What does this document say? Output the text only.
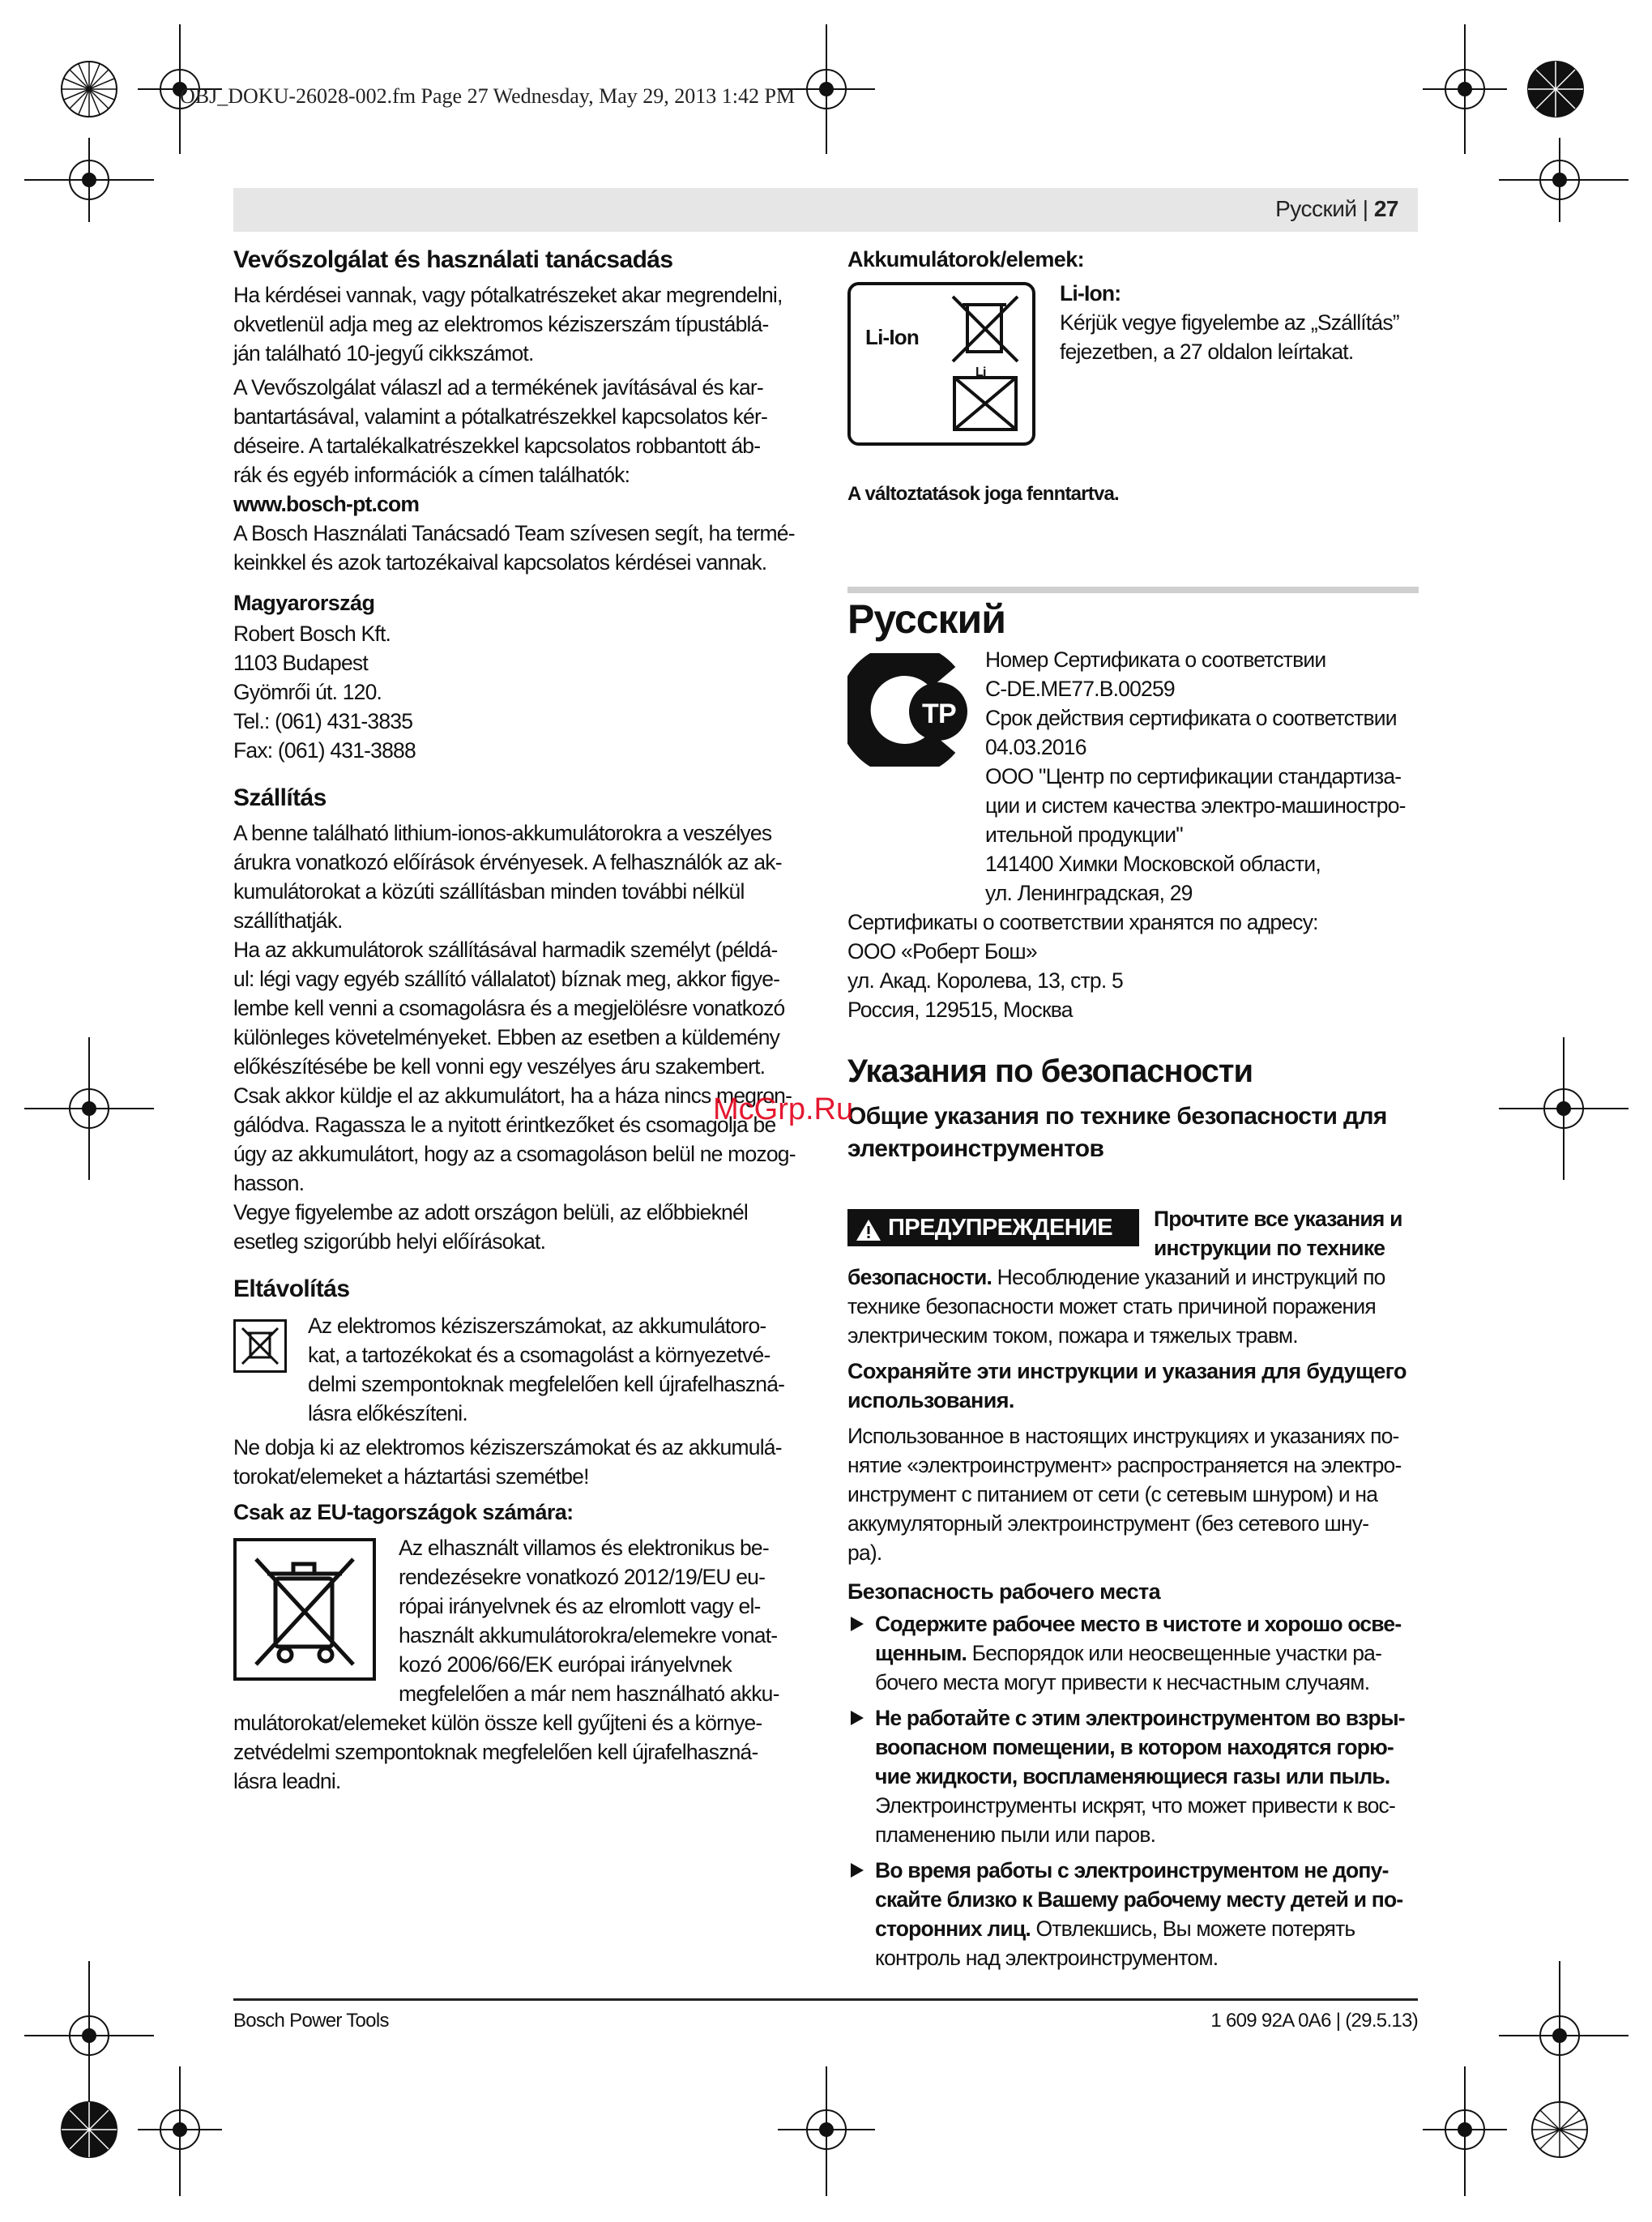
OBJ_DOKU-26028-002.fm Page 27 Wednesday, May 29, 2013 1:42 PM
Русский | 27
Vevőszolgálat és használati tanácsadás

Ha kérdései vannak, vagy pótalkatrészeket akar megrendelni,

okvetlenül adja meg az elektromos kéziszerszám típustáblá-

ján található 10-jegyű cikkszámot.

A Vevőszolgálat válaszl ad a termékének javításával és kar-

bantartásával, valamint a pótalkatrészekkel kapcsolatos kér-

déseire. A tartalékalkatrészekkel kapcsolatos robbantott áb-

rák és egyéb információk a címen találhatók:

www.bosch-pt.com

A Bosch Használati Tanácsadó Team szívesen segít, ha termé-

keinkkel és azok tartozékaival kapcsolatos kérdései vannak.

Magyarország

Robert Bosch Kft.

1103 Budapest

Gyömrői út. 120.

Tel.: (061) 431-3835

Fax: (061) 431-3888

Szállítás

A benne található lithium-ionos-akkumulátorokra a veszélyes

árukra vonatkozó előírások érvényesek. A felhasználók az ak-

kumulátorokat a közúti szállításban minden további nélkül

szállíthatják.

Ha az akkumulátorok szállításával harmadik személyt (példá-

ul: légi vagy egyéb szállító vállalatot) bíznak meg, akkor figye-

lembe kell venni a csomagolásra és a megjelölésre vonatkozó

különleges követelményeket. Ebben az esetben a küldemény

előkészítésébe be kell vonni egy veszélyes áru szakembert.

Csak akkor küldje el az akkumulátort, ha a háza nincs megron-

gálódva. Ragassza le a nyitott érintkezőket és csomagolja be

úgy az akkumulátort, hogy az a csomagoláson belül ne mozog-

hasson.

Vegye figyelembe az adott országon belüli, az előbbieknél

esetleg szigorúbb helyi előírásokat.

Eltávolítás

Az elektromos kéziszerszámokat, az akkumulátoro-

kat, a tartozékokat és a csomagolást a környezetvé-

delmi szempontoknak megfelelően kell újrafelhaszná-

lásra előkészíteni.

Ne dobja ki az elektromos kéziszerszámokat és az akkumulá-

torokat/elemeket a háztartási szemétbe!

Csak az EU-tagországok számára:

Az elhasznált villamos és elektronikus be-

rendezésekre vonatkozó 2012/19/EU eu-

rópai irányelvnek és az elromlott vagy el-

használt akkumulátorokra/elemekre vonat-

kozó 2006/66/EK európai irányelvnek

megfelelően a már nem használható akku-

mulátorokat/elemeket külön össze kell gyűjteni és a környe-

zetvédelmi szempontoknak megfelelően kell újrafelhaszná-

lásra leadni.

Akkumulátorok/elemek:
Li-Ion
Li

Li-Ion:

Kérjük vegye figyelembe az „Szállítás”

fejezetben, a 27 oldalon leírtakat.

A változtatások joga fenntartva.

Русский
ТР

Номер Сертификата о соответствии

C-DE.ME77.B.00259

Срок действия сертификата о соответствии

04.03.2016

ООО "Центр по сертификации стандартиза-

ции и систем качества электро-машиностро-

ительной продукции"

141400 Химки Московской области,

ул. Ленинградская, 29

Сертификаты о соответствии хранятся по адресу:

ООО «Роберт Бош»

ул. Акад. Королева, 13, стр. 5

Россия, 129515, Москва

Указания по безопасности
Общие указания по технике безопасности для
электроинструментов
ПРЕДУПРЕЖДЕНИЕ Прочтите все указания и

инструкции по технике

безопасности. Несоблюдение указаний и инструкций по

технике безопасности может стать причиной поражения

электрическим током, пожара и тяжелых травм.

Сохраняйте эти инструкции и указания для будущего
использования.

Использованное в настоящих инструкциях и указаниях по-

нятие «электроинструмент» распространяется на электро-

инструмент с питанием от сети (с сетевым шнуром) и на

аккумуляторный электроинструмент (без сетевого шну-

ра).

Безопасность рабочего места

Содержите рабочее место в чистоте и хорошо осве-

щенным. Беспорядок или неосвещенные участки ра-

бочего места могут привести к несчастным случаям.

Не работайте с этим электроинструментом во взры-

воопасном помещении, в котором находятся горю-

чие жидкости, воспламеняющиеся газы или пыль.

Электроинструменты искрят, что может привести к вос-

пламенению пыли или паров.

Во время работы с электроинструментом не допу-

скайте близко к Вашему рабочему месту детей и по-

сторонних лиц. Отвлекшись, Вы можете потерять

контроль над электроинструментом.

McGrp.Ru
Bosch Power Tools	1 609 92A 0A6 | (29.5.13)
